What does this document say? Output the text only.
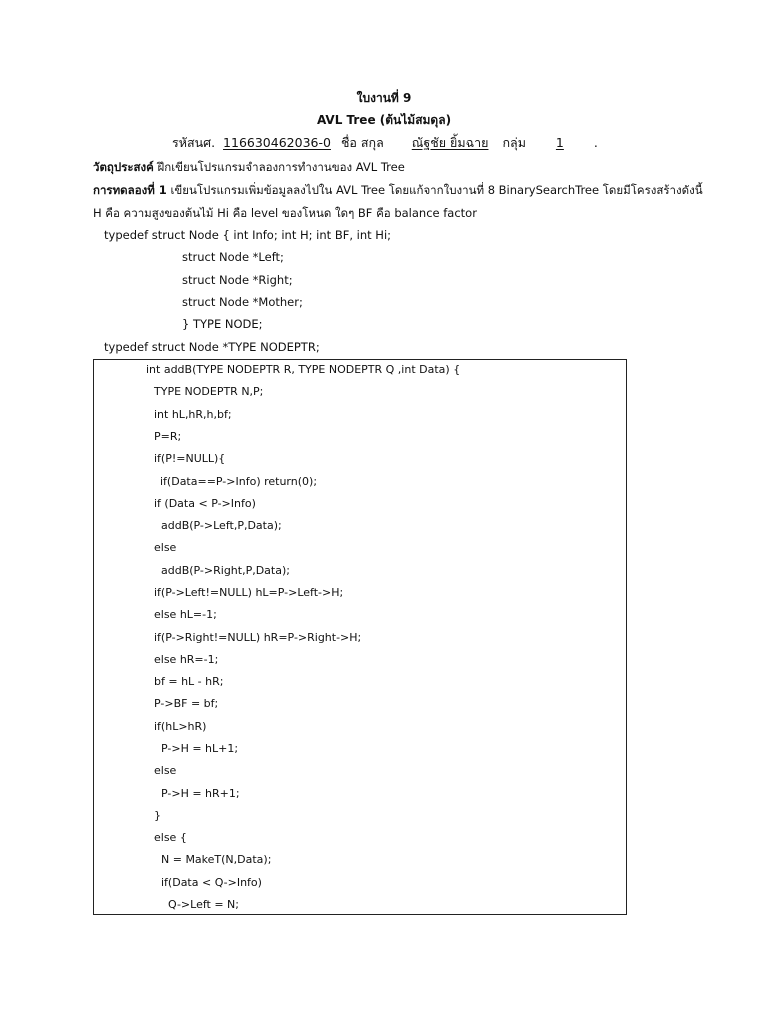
ใบงานที่ 9
AVL Tree (ต้นไม้สมดุล)
รหัสนศ. 116630462036-0 ชื่อ สกุล ณัฐชัย ยิ้มฉาย กลุ่ม 1 .
วัตถุประสงค์ ฝึกเขียนโปรแกรมจำลองการทำงานของ AVL Tree
การทดลองที่ 1 เขียนโปรแกรมเพิ่มข้อมูลลงไปใน AVL Tree โดยแก้จากใบงานที่ 8 BinarySearchTree โดยมีโครงสร้างดังนี้
H คือ ความสูงของต้นไม้ Hi คือ level ของโหนด ใดๆ BF คือ balance factor
typedef struct Node { int Info; int H; int BF, int Hi;
struct Node *Left;
struct Node *Right;
struct Node *Mother;
} TYPE NODE;
typedef struct Node *TYPE NODEPTR;
int addB(TYPE NODEPTR R, TYPE NODEPTR Q ,int Data) {
TYPE NODEPTR N,P;
int hL,hR,h,bf;
P=R;
if(P!=NULL){
if(Data==P->Info) return(0);
if (Data < P->Info)
addB(P->Left,P,Data);
else
addB(P->Right,P,Data);
if(P->Left!=NULL) hL=P->Left->H;
else hL=-1;
if(P->Right!=NULL) hR=P->Right->H;
else hR=-1;
bf = hL - hR;
P->BF = bf;
if(hL>hR)
P->H = hL+1;
else
P->H = hR+1;
}
else {
N = MakeT(N,Data);
if(Data < Q->Info)
Q->Left = N;
